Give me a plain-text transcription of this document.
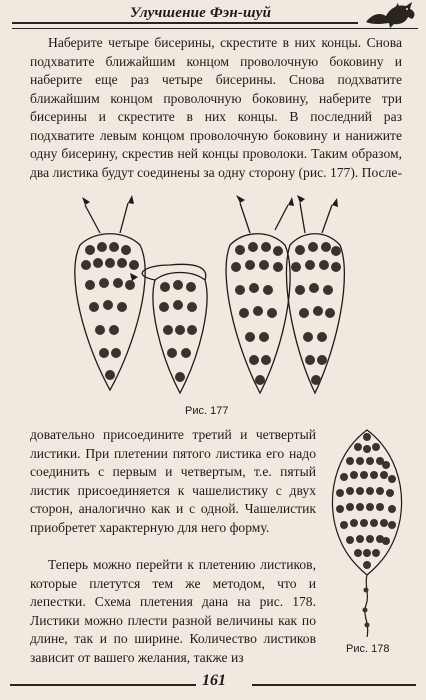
Улучшение Фэн-шуй

Наберите четыре бисерины, скрестите в них концы. Снова подхватите ближайшим концом проволочную боковину и наберите еще раз четыре бисерины. Снова подхватите ближайшим концом проволочную боковину, наберите три бисерины и скрестите в них концы. В последний раз подхватите левым концом проволочную боковину и нанижите одну бисерину, скрестив ней концы проволоки. Таким образом, два листика будут соединены за одну сторону (рис. 177). После-

Рис. 177

довательно присоедините третий и четвертый листики. При плетении пятого листика его надо соединить с первым и четвертым, т.е. пятый листик присоединяется к чашелистику с двух сторон, аналогично как и с одной. Чашелистик приобретет характерную для него форму.

Теперь можно перейти к плетению листиков, которые плетутся тем же методом, что и лепестки. Схема плетения дана на рис. 178. Листики можно плести разной величины как по длине, так и по ширине. Количество листиков зависит от вашего желания, также из

Рис. 178
161
